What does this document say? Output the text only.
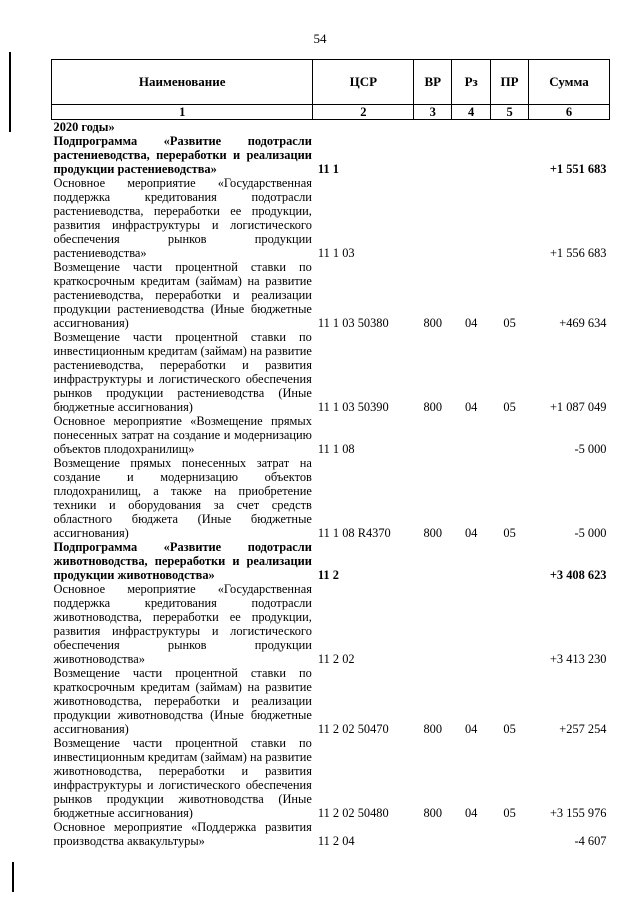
54
Наименование	ЦСР	ВР	Рз	ПР	Сумма
1	2	3	4	5	6
2020 годы»					
Подпрограмма «Развитие подотрасли растениеводства, переработки и реализации продукции растениеводства»	11 1				+1 551 683
Основное мероприятие «Государственная поддержка кредитования подотрасли растениеводства, переработки ее продукции, развития инфраструктуры и логистического обеспечения рынков продукции растениеводства»	11 1 03				+1 556 683
Возмещение части процентной ставки по краткосрочным кредитам (займам) на развитие растениеводства, переработки и реализации продукции растениеводства (Иные бюджетные ассигнования)	11 1 03 50380	800	04	05	+469 634
Возмещение части процентной ставки по инвестиционным кредитам (займам) на развитие растениеводства, переработки и развития инфраструктуры и логистического обеспечения рынков продукции растениеводства (Иные бюджетные ассигнования)	11 1 03 50390	800	04	05	+1 087 049
Основное мероприятие «Возмещение прямых понесенных затрат на создание и модернизацию объектов плодохранилищ»	11 1 08				-5 000
Возмещение прямых понесенных затрат на создание и модернизацию объектов плодохранилищ, а также на приобретение техники и оборудования за счет средств областного бюджета (Иные бюджетные ассигнования)	11 1 08 R4370	800	04	05	-5 000
Подпрограмма «Развитие подотрасли животноводства, переработки и реализации продукции животноводства»	11 2				+3 408 623
Основное мероприятие «Государственная поддержка кредитования подотрасли животноводства, переработки ее продукции, развития инфраструктуры и логистического обеспечения рынков продукции животноводства»	11 2 02				+3 413 230
Возмещение части процентной ставки по краткосрочным кредитам (займам) на развитие животноводства, переработки и реализации продукции животноводства (Иные бюджетные ассигнования)	11 2 02 50470	800	04	05	+257 254
Возмещение части процентной ставки по инвестиционным кредитам (займам) на развитие животноводства, переработки и развития инфраструктуры и логистического обеспечения рынков продукции животноводства (Иные бюджетные ассигнования)	11 2 02 50480	800	04	05	+3 155 976
Основное мероприятие «Поддержка развития производства аквакультуры»	11 2 04				-4 607
